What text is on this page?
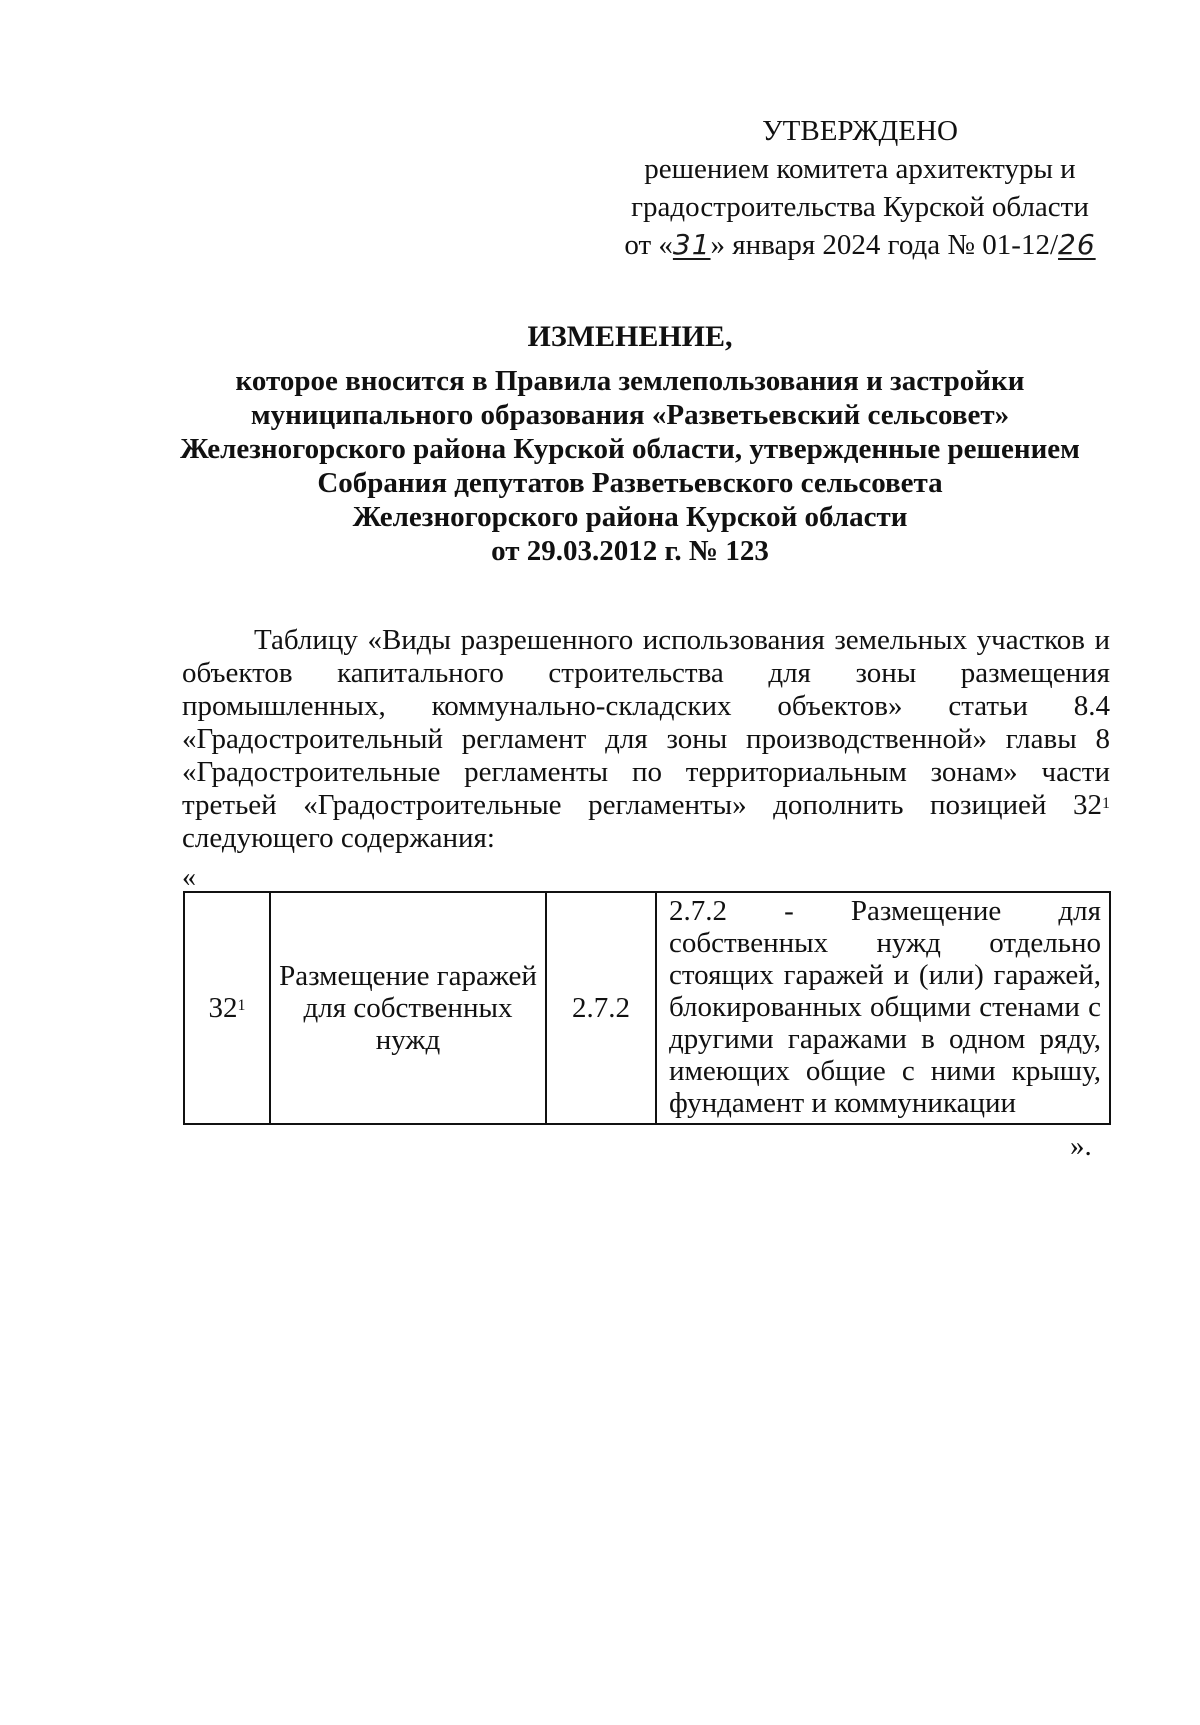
УТВЕРЖДЕНО
решением комитета архитектуры и
градостроительства Курской области
от «31» января 2024 года № 01-12/26
ИЗМЕНЕНИЕ,
которое вносится в Правила землепользования и застройки
муниципального образования «Разветьевский сельсовет»
Железногорского района Курской области, утвержденные решением
Собрания депутатов Разветьевского сельсовета
Железногорского района Курской области
от 29.03.2012 г. № 123
Таблицу «Виды разрешенного использования земельных участков и объектов капитального строительства для зоны размещения промышленных, коммунально-складских объектов» статьи 8.4 «Градостроительный регламент для зоны производственной» главы 8 «Градостроительные регламенты по территориальным зонам» части третьей «Градостроительные регламенты» дополнить позицией $32^1$ следующего содержания:
«
$32^1$	Размещение гаражей для собственных нужд	2.7.2	2.7.2 - Размещение для собственных нужд отдельно стоящих гаражей и (или) гаражей, блокированных общими стенами с другими гаражами в одном ряду, имеющих общие с ними крышу, фундамент и коммуникации
».
